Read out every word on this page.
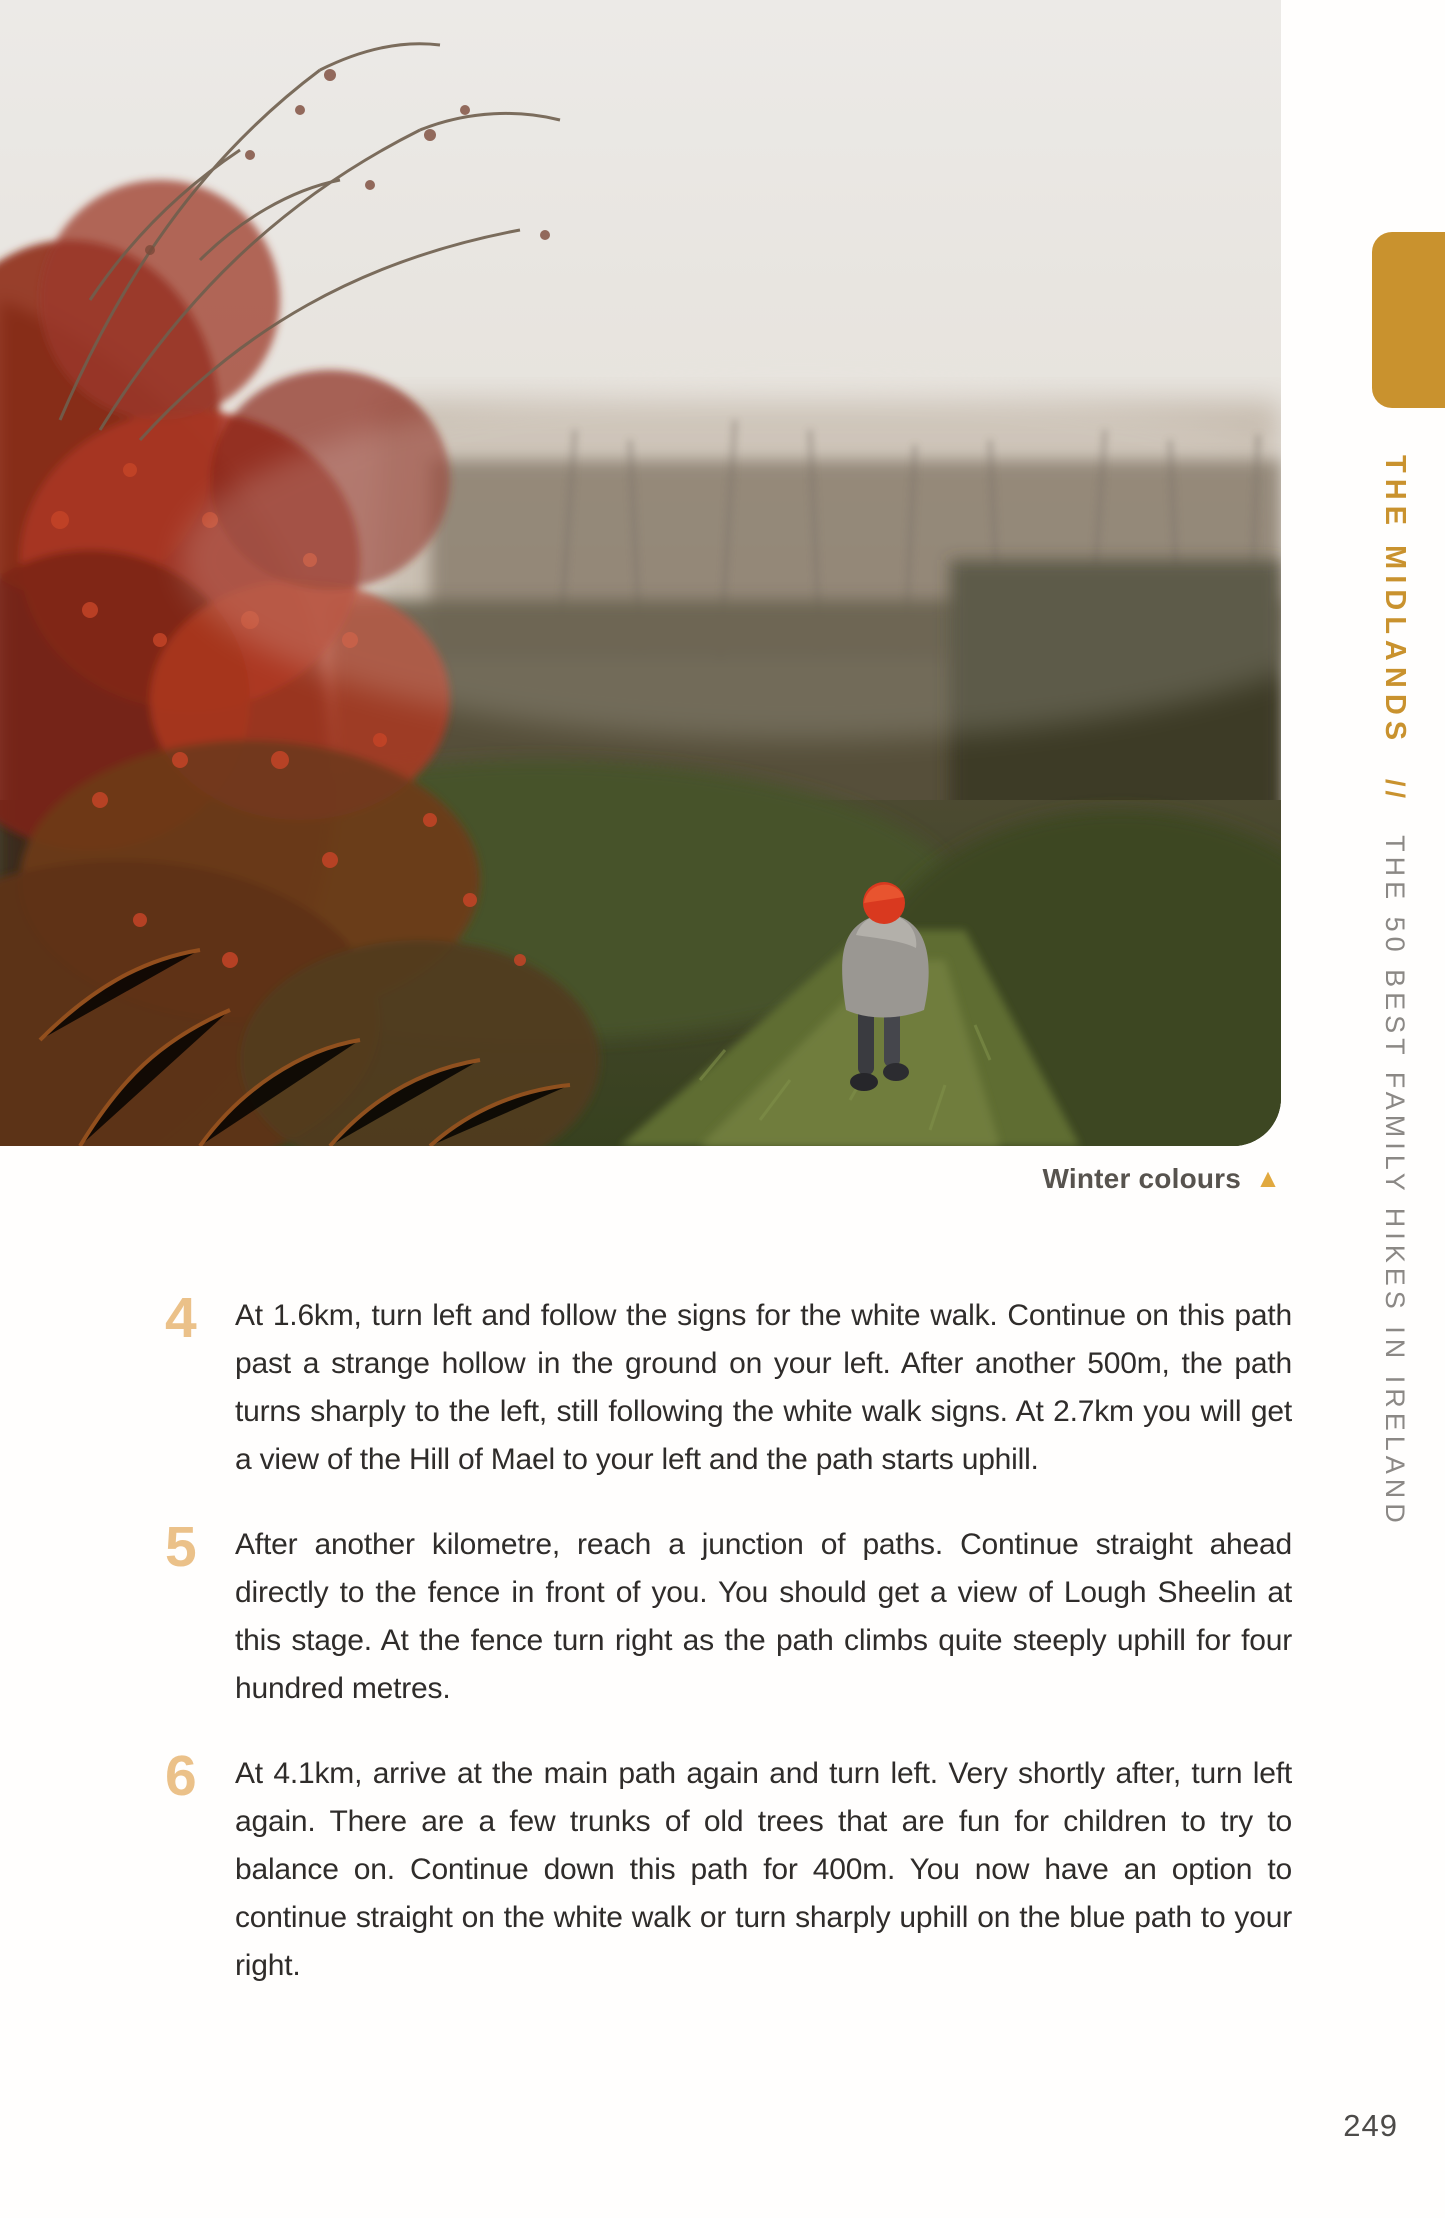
Winter colours ▲
THE MIDLANDS  //  THE 50 BEST FAMILY HIKES IN IRELAND
4	At 1.6km, turn left and follow the signs for the white walk. Continue on this path past a strange hollow in the ground on your left. After another 500m, the path turns sharply to the left, still following the white walk signs. At 2.7km you will get a view of the Hill of Mael to your left and the path starts uphill.
5	After another kilometre, reach a junction of paths. Continue straight ahead directly to the fence in front of you. You should get a view of Lough Sheelin at this stage. At the fence turn right as the path climbs quite steeply uphill for four hundred metres.
6	At 4.1km, arrive at the main path again and turn left. Very shortly after, turn left again. There are a few trunks of old trees that are fun for children to try to balance on. Continue down this path for 400m. You now have an option to continue straight on the white walk or turn sharply uphill on the blue path to your right.
249
